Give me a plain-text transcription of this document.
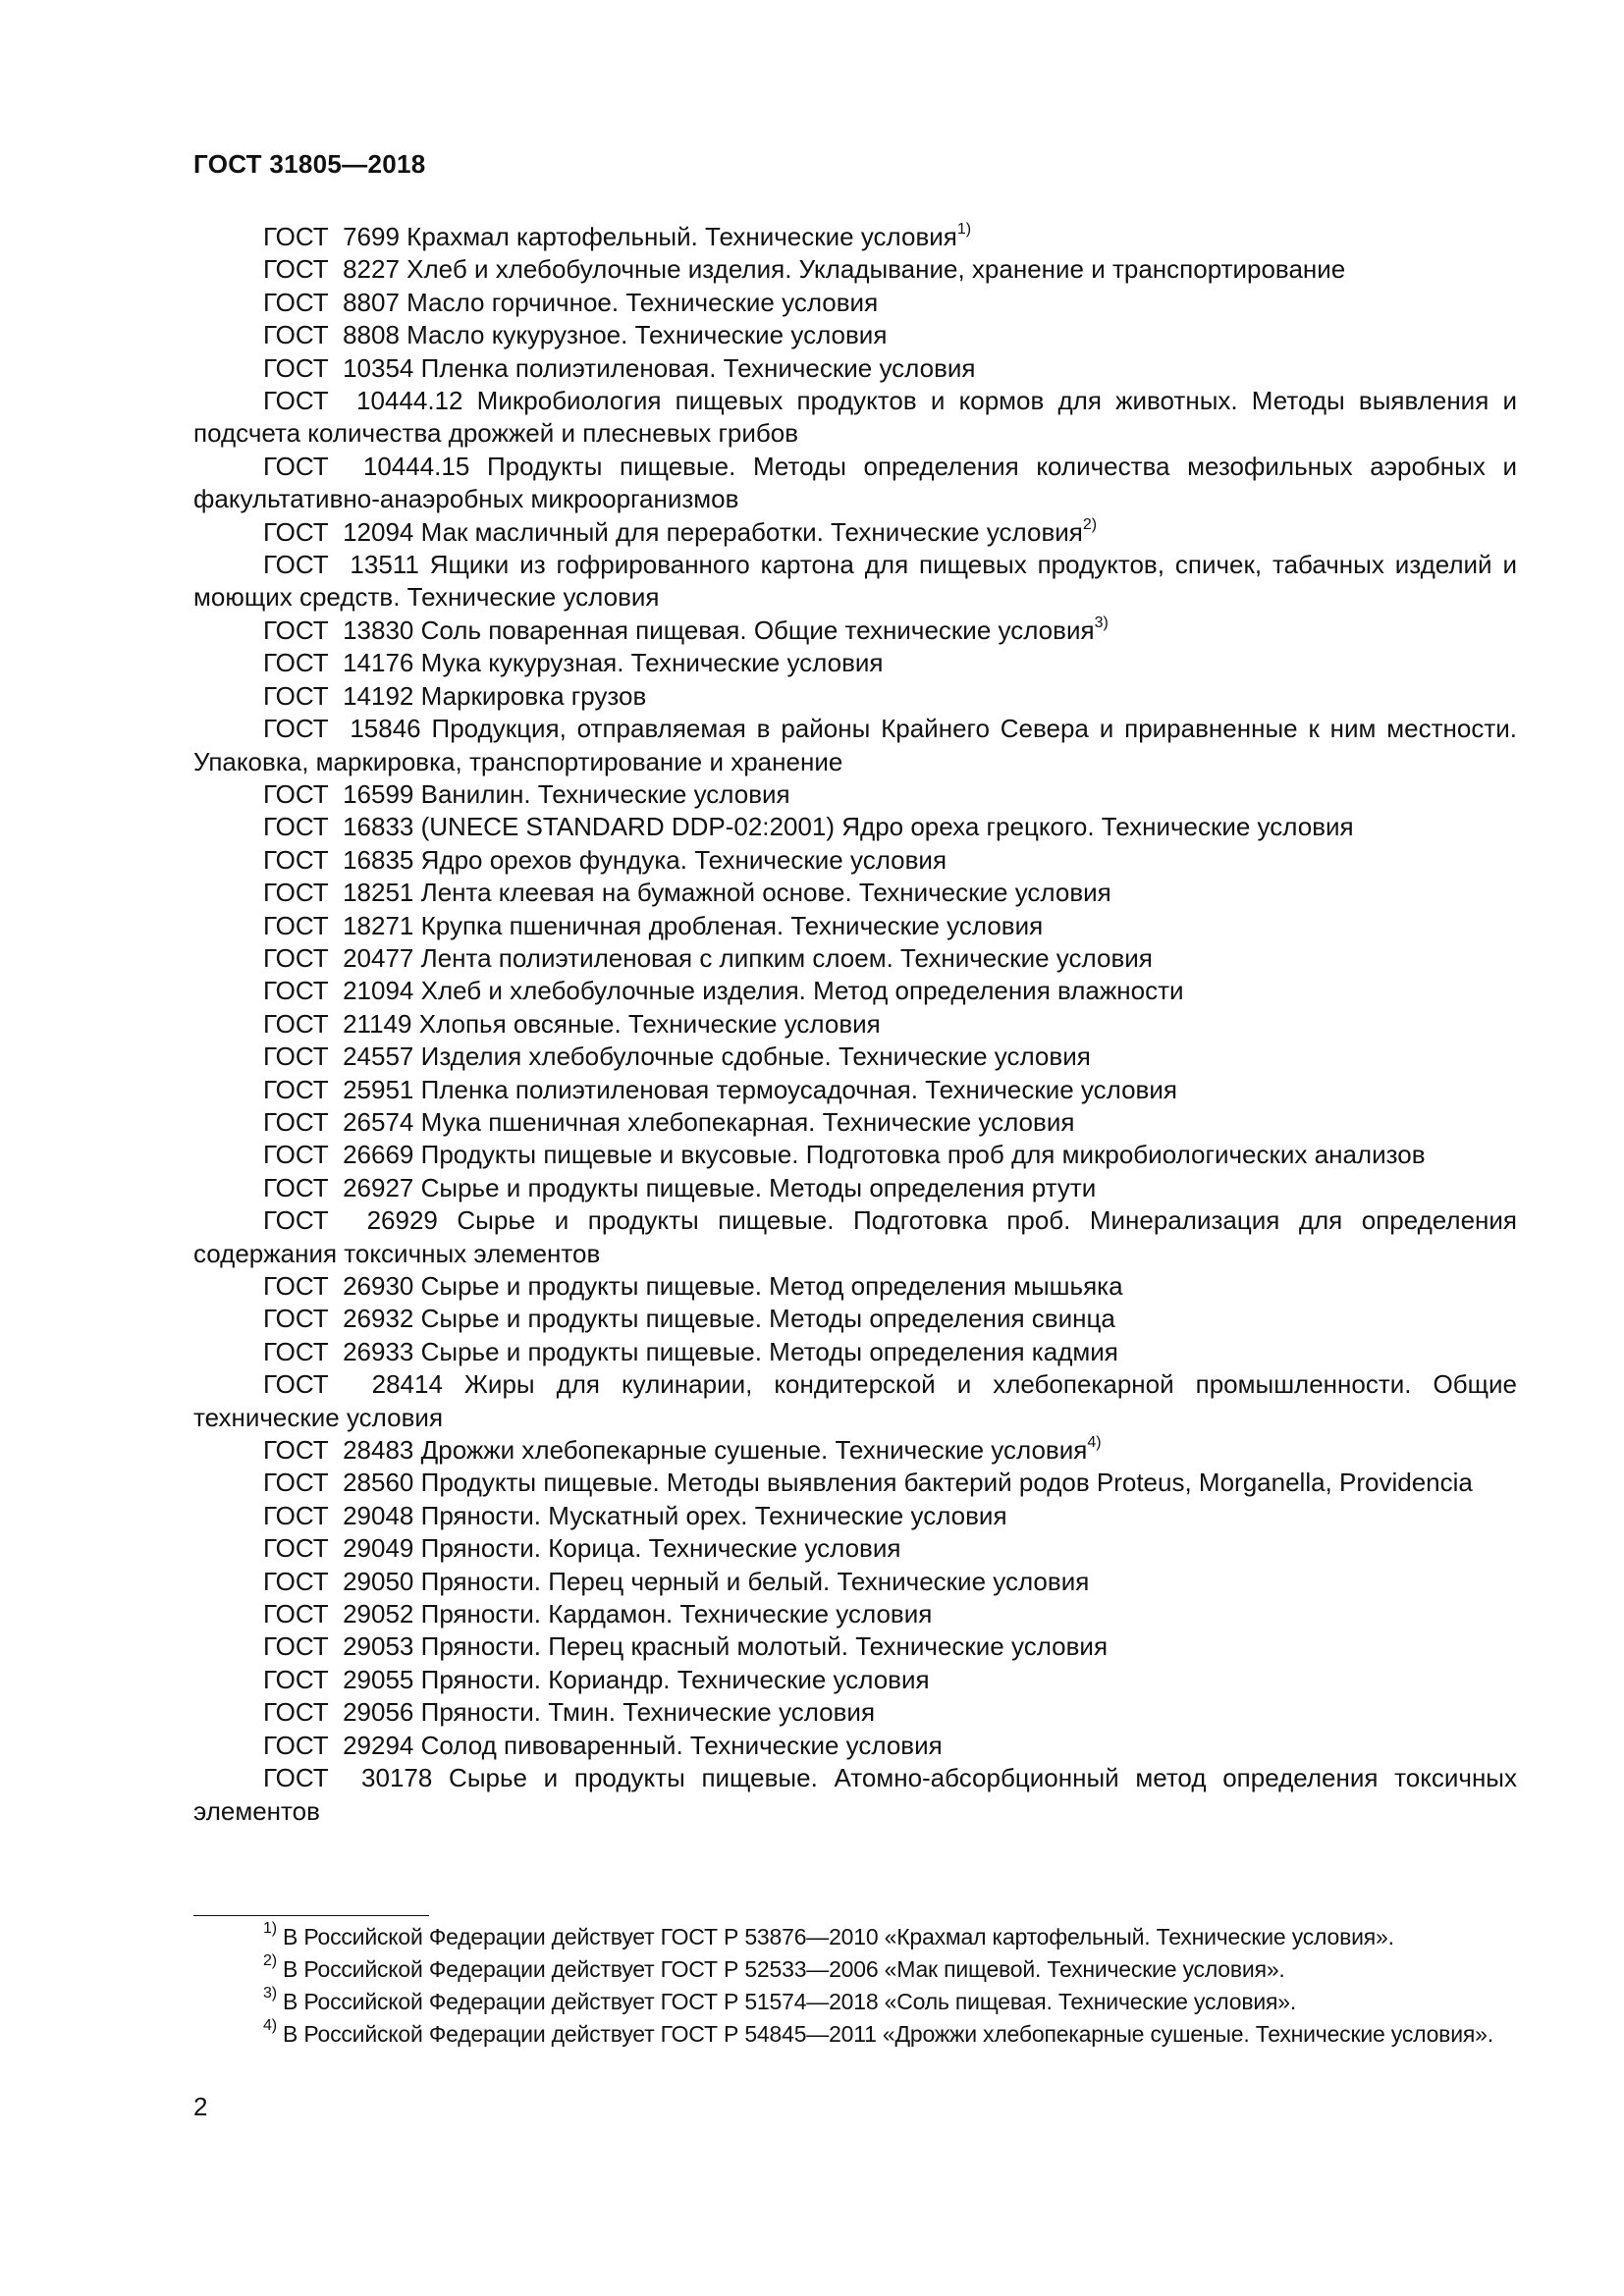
ГОСТ 31805—2018

ГОСТ  7699 Крахмал картофельный. Технические условия$^{1)}$

ГОСТ  8227 Хлеб и хлебобулочные изделия. Укладывание, хранение и транспортирование

ГОСТ  8807 Масло горчичное. Технические условия

ГОСТ  8808 Масло кукурузное. Технические условия

ГОСТ  10354 Пленка полиэтиленовая. Технические условия

ГОСТ  10444.12 Микробиология пищевых продуктов и кормов для животных. Методы выявления и подсчета количества дрожжей и плесневых грибов

ГОСТ  10444.15 Продукты пищевые. Методы определения количества мезофильных аэробных и факультативно-анаэробных микроорганизмов

ГОСТ  12094 Мак масличный для переработки. Технические условия$^{2)}$

ГОСТ  13511 Ящики из гофрированного картона для пищевых продуктов, спичек, табачных изделий и моющих средств. Технические условия

ГОСТ  13830 Соль поваренная пищевая. Общие технические условия$^{3)}$

ГОСТ  14176 Мука кукурузная. Технические условия

ГОСТ  14192 Маркировка грузов

ГОСТ  15846 Продукция, отправляемая в районы Крайнего Севера и приравненные к ним местности. Упаковка, маркировка, транспортирование и хранение

ГОСТ  16599 Ванилин. Технические условия

ГОСТ  16833 (UNECE STANDARD DDP-02:2001) Ядро ореха грецкого. Технические условия

ГОСТ  16835 Ядро орехов фундука. Технические условия

ГОСТ  18251 Лента клеевая на бумажной основе. Технические условия

ГОСТ  18271 Крупка пшеничная дробленая. Технические условия

ГОСТ  20477 Лента полиэтиленовая с липким слоем. Технические условия

ГОСТ  21094 Хлеб и хлебобулочные изделия. Метод определения влажности

ГОСТ  21149 Хлопья овсяные. Технические условия

ГОСТ  24557 Изделия хлебобулочные сдобные. Технические условия

ГОСТ  25951 Пленка полиэтиленовая термоусадочная. Технические условия

ГОСТ  26574 Мука пшеничная хлебопекарная. Технические условия

ГОСТ  26669 Продукты пищевые и вкусовые. Подготовка проб для микробиологических анализов

ГОСТ  26927 Сырье и продукты пищевые. Методы определения ртути

ГОСТ  26929 Сырье и продукты пищевые. Подготовка проб. Минерализация для определения содержания токсичных элементов

ГОСТ  26930 Сырье и продукты пищевые. Метод определения мышьяка

ГОСТ  26932 Сырье и продукты пищевые. Методы определения свинца

ГОСТ  26933 Сырье и продукты пищевые. Методы определения кадмия

ГОСТ  28414 Жиры для кулинарии, кондитерской и хлебопекарной промышленности. Общие технические условия

ГОСТ  28483 Дрожжи хлебопекарные сушеные. Технические условия$^{4)}$

ГОСТ  28560 Продукты пищевые. Методы выявления бактерий родов Proteus, Morganella, Providencia

ГОСТ  29048 Пряности. Мускатный орех. Технические условия

ГОСТ  29049 Пряности. Корица. Технические условия

ГОСТ  29050 Пряности. Перец черный и белый. Технические условия

ГОСТ  29052 Пряности. Кардамон. Технические условия

ГОСТ  29053 Пряности. Перец красный молотый. Технические условия

ГОСТ  29055 Пряности. Кориандр. Технические условия

ГОСТ  29056 Пряности. Тмин. Технические условия

ГОСТ  29294 Солод пивоваренный. Технические условия

ГОСТ  30178 Сырье и продукты пищевые. Атомно-абсорбционный метод определения токсичных элементов

$^{1)}$ В Российской Федерации действует ГОСТ Р 53876—2010 «Крахмал картофельный. Технические условия».

$^{2)}$ В Российской Федерации действует ГОСТ Р 52533—2006 «Мак пищевой. Технические условия».

$^{3)}$ В Российской Федерации действует ГОСТ Р 51574—2018 «Соль пищевая. Технические условия».

$^{4)}$ В Российской Федерации действует ГОСТ Р 54845—2011 «Дрожжи хлебопекарные сушеные. Технические условия».

2
